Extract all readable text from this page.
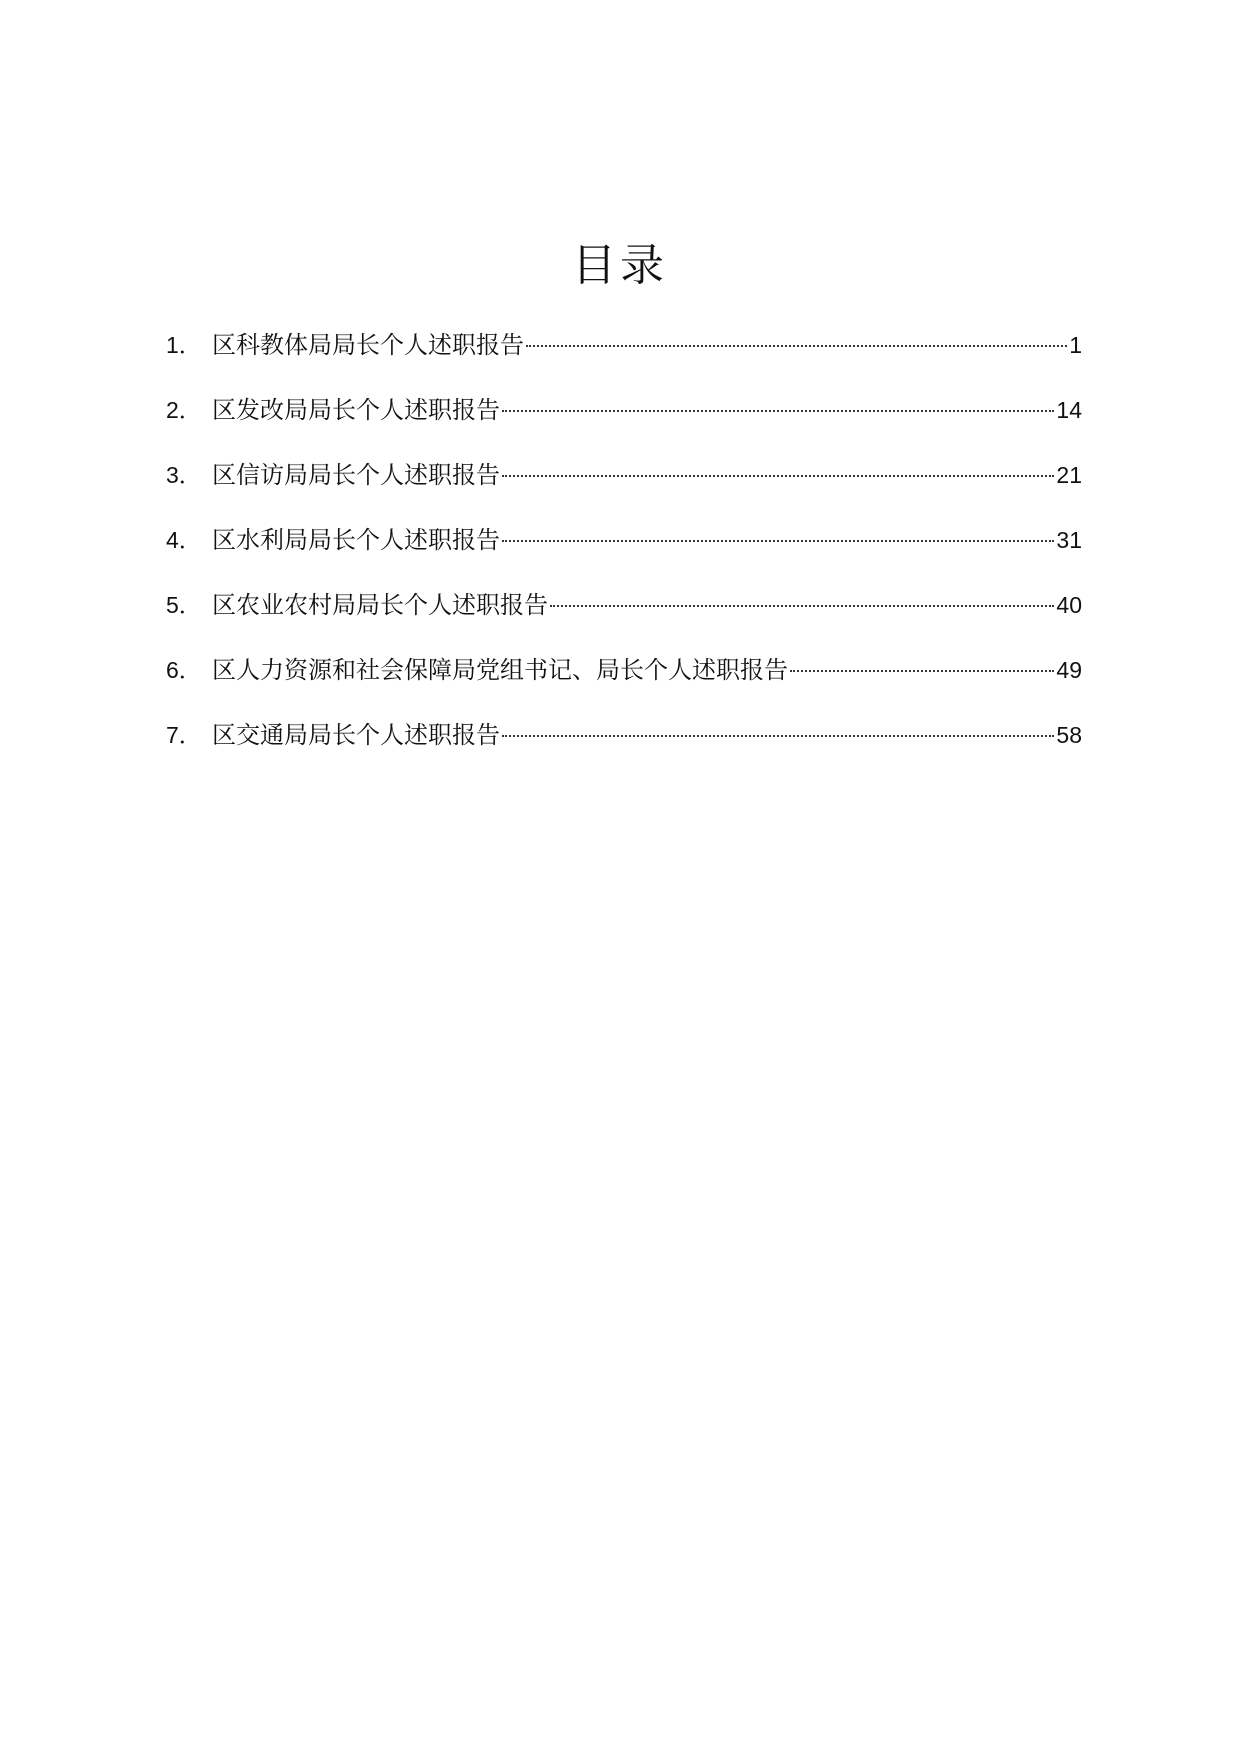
目录
1． 区科教体局局长个人述职报告	1
2． 区发改局局长个人述职报告	14
3． 区信访局局长个人述职报告	21
4． 区水利局局长个人述职报告	31
5． 区农业农村局局长个人述职报告	40
6． 区人力资源和社会保障局党组书记、局长个人述职报告	49
7． 区交通局局长个人述职报告	58
